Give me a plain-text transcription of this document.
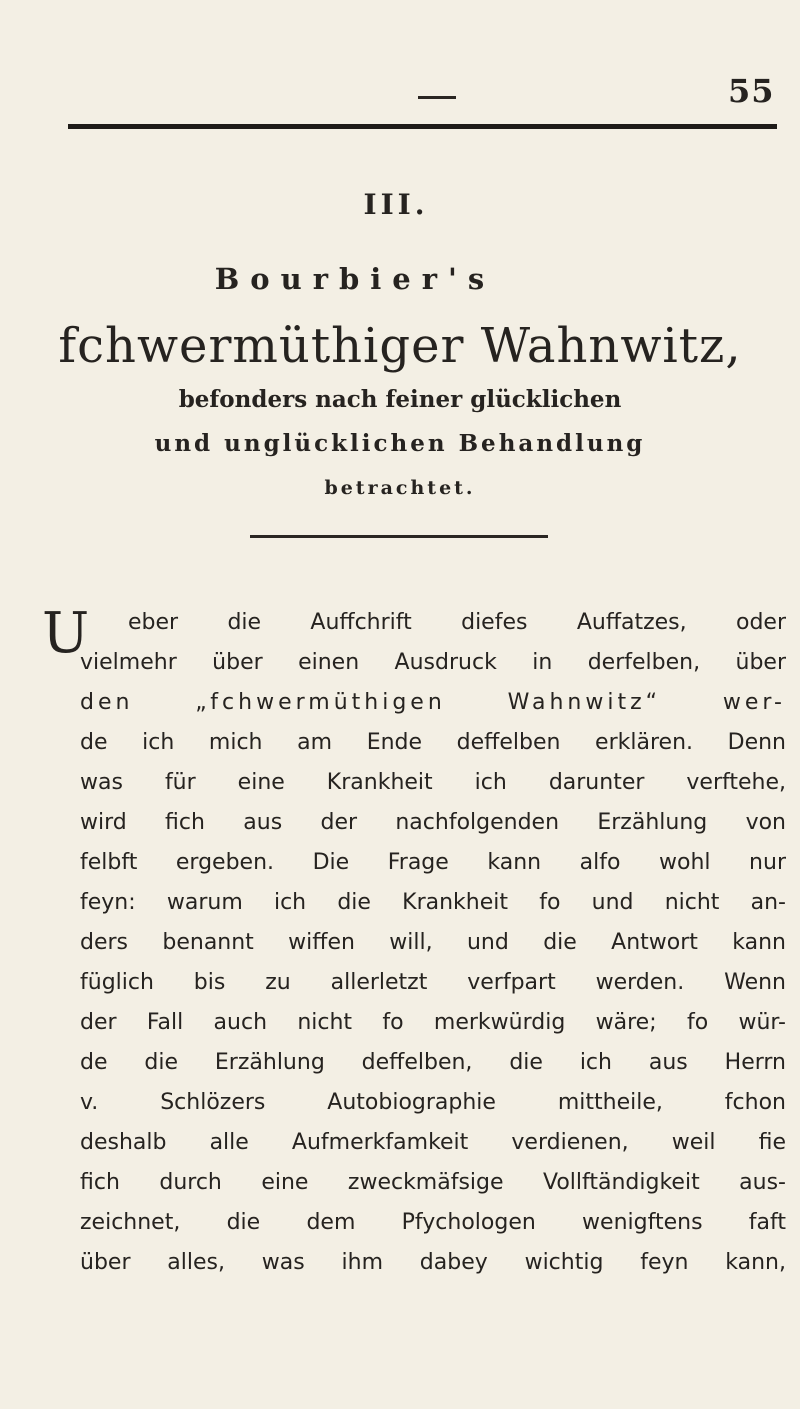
55
III.
Bourbier's
fchwermüthiger Wahnwitz,
befonders nach feiner glücklichen
und unglücklichen Behandlung
betrachtet.
U eber die Auffchrift diefes Auffatzes, oder
vielmehr über einen Ausdruck in derfelben, über
den „fchwermüthigen Wahnwitz“ wer-
de ich mich am Ende deffelben erklären. Denn
was für eine Krankheit ich darunter verftehe,
wird fich aus der nachfolgenden Erzählung von
felbft ergeben. Die Frage kann alfo wohl nur
feyn: warum ich die Krankheit fo und nicht an-
ders benannt wiffen will, und die Antwort kann
füglich bis zu allerletzt verfpart werden. Wenn
der Fall auch nicht fo merkwürdig wäre; fo wür-
de die Erzählung deffelben, die ich aus Herrn
v. Schlözers Autobiographie mittheile, fchon
deshalb alle Aufmerkfamkeit verdienen, weil fie
fich durch eine zweckmäfsige Vollftändigkeit aus-
zeichnet, die dem Pfychologen wenigftens faft
über alles, was ihm dabey wichtig feyn kann,
